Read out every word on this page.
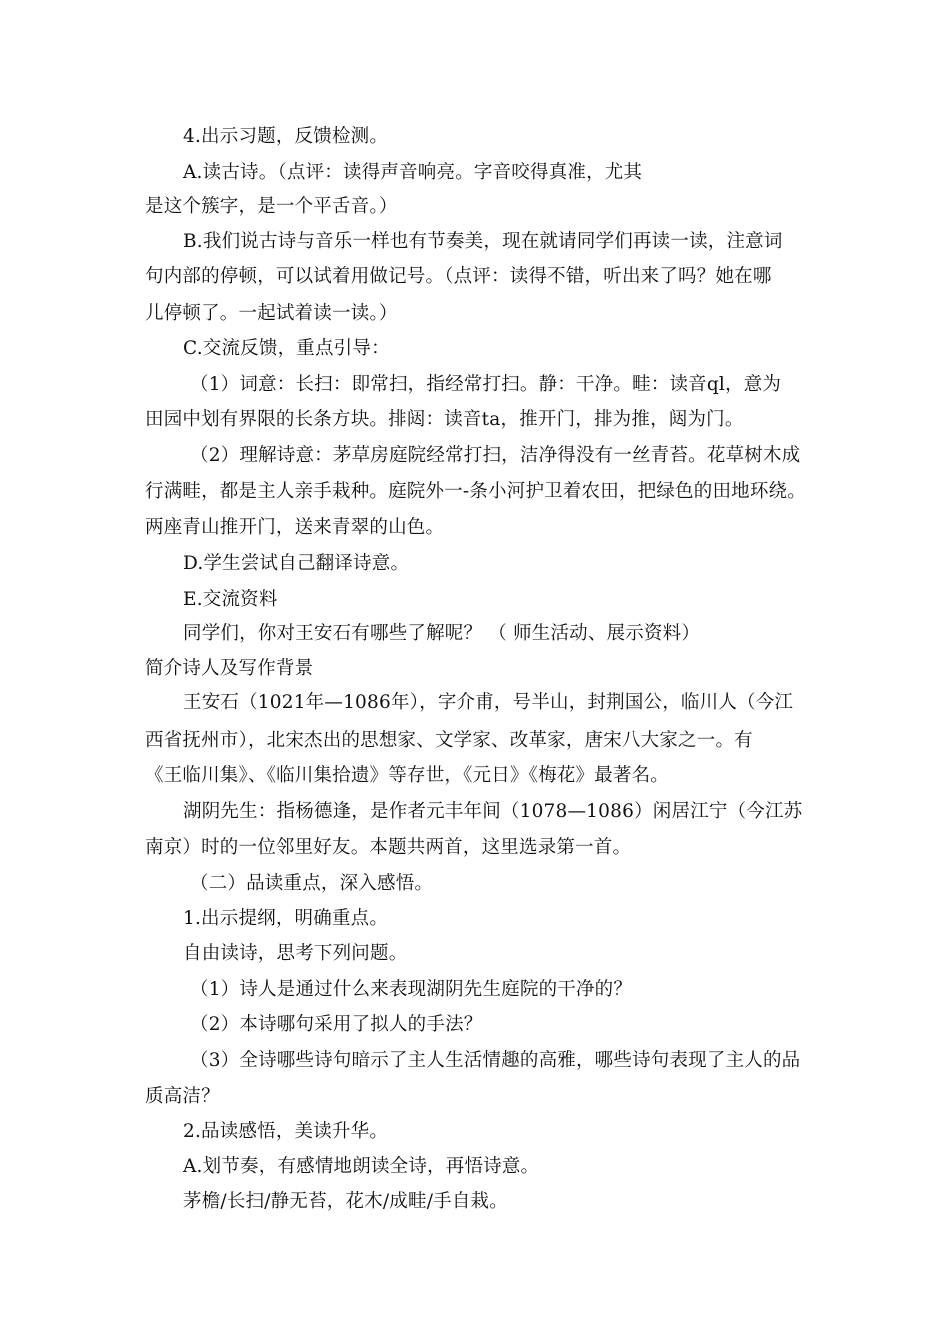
4.出示习题，反馈检测。
A.读古诗。（点评：读得声音响亮。字音咬得真准，尤其
是这个簇字，是一个平舌音。）
B.我们说古诗与音乐一样也有节奏美，现在就请同学们再读一读，注意词
句内部的停顿，可以试着用做记号。（点评：读得不错，听出来了吗？她在哪
儿停顿了。一起试着读一读。）
C.交流反馈，重点引导：
（1）词意：长扫：即常扫，指经常打扫。静：干净。畦：读音ql，意为
田园中划有界限的长条方块。排闼：读音ta，推开门，排为推，闼为门。
（2）理解诗意：茅草房庭院经常打扫，洁净得没有一丝青苔。花草树木成
行满畦，都是主人亲手栽种。庭院外一-条小河护卫着农田，把绿色的田地环绕。
两座青山推开门，送来青翠的山色。
D.学生尝试自己翻译诗意。
E.交流资料
同学们，你对王安石有哪些了解呢？ （ 师生活动、展示资料）
简介诗人及写作背景
王安石（1021年—1086年），字介甫，号半山，封荆国公，临川人（今江
西省抚州市），北宋杰出的思想家、文学家、改革家，唐宋八大家之一。有
《王临川集》、《临川集拾遗》等存世，《元日》《梅花》最著名。
湖阴先生：指杨德逢，是作者元丰年间（1078—1086）闲居江宁（今江苏
南京）时的一位邻里好友。本题共两首，这里选录第一首。
（二）品读重点，深入感悟。
1.出示提纲，明确重点。
自由读诗，思考下列问题。
（1）诗人是通过什么来表现湖阴先生庭院的干净的？
（2）本诗哪句采用了拟人的手法？
（3）全诗哪些诗句暗示了主人生活情趣的高雅，哪些诗句表现了主人的品
质高洁？
2.品读感悟，美读升华。
A.划节奏，有感情地朗读全诗，再悟诗意。
茅檐/长扫/静无苔，花木/成畦/手自栽。
